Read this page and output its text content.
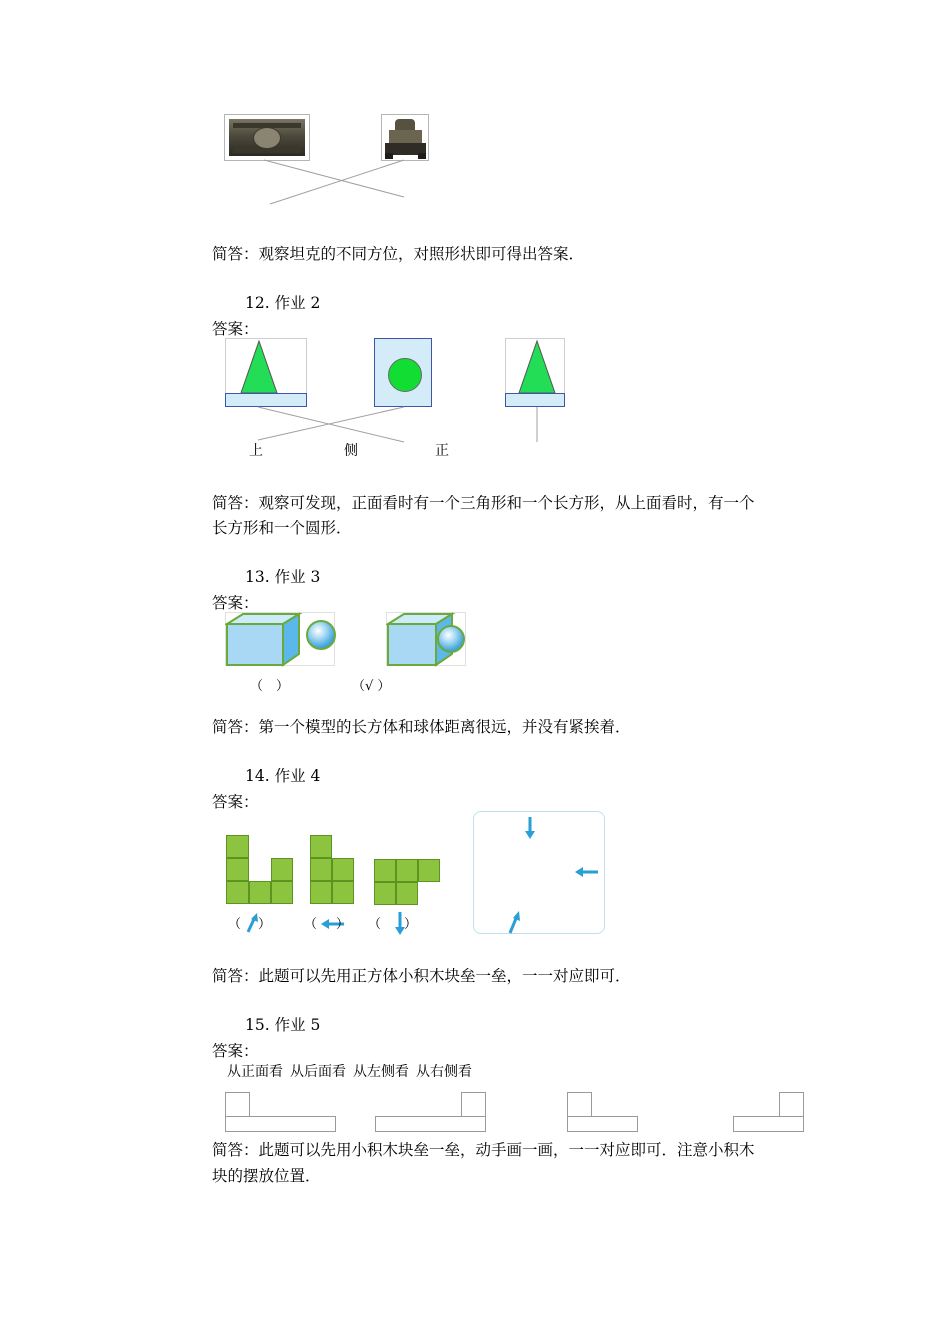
简答：观察坦克的不同方位，对照形状即可得出答案．
12. 作业 2
答案：
上	侧	正
简答：观察可发现，正面看时有一个三角形和一个长方形，从上面看时，有一个
长方形和一个圆形．
13. 作业 3
答案：
（　）	（√ ）
简答：第一个模型的长方体和球体距离很远，并没有紧挨着．
14. 作业 4
答案：
（ ）	（ ） （ ）
简答：此题可以先用正方体小积木块垒一垒，一一对应即可．
15. 作业 5
答案：
从正面看 从后面看 从左侧看 从右侧看
简答：此题可以先用小积木块垒一垒，动手画一画，一一对应即可．注意小积木
块的摆放位置．
